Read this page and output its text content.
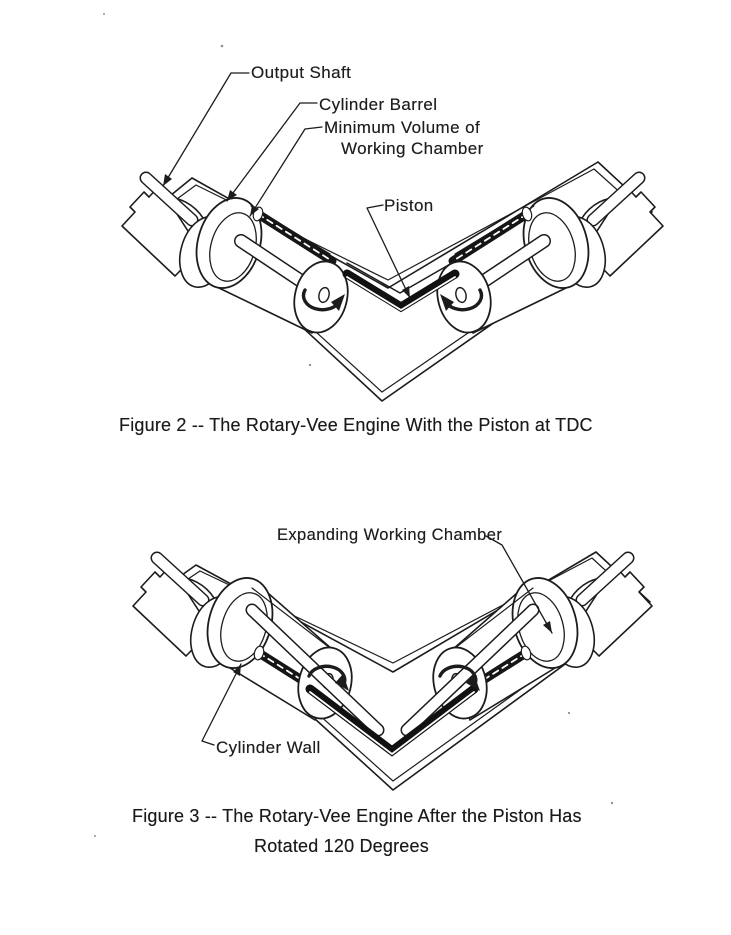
Output Shaft
Cylinder Barrel
Minimum Volume of
Working Chamber
Piston
Figure 2 -- The Rotary-Vee Engine With the Piston at TDC
Expanding Working Chamber
Cylinder Wall
Figure 3 -- The Rotary-Vee Engine After the Piston Has
Rotated 120 Degrees
